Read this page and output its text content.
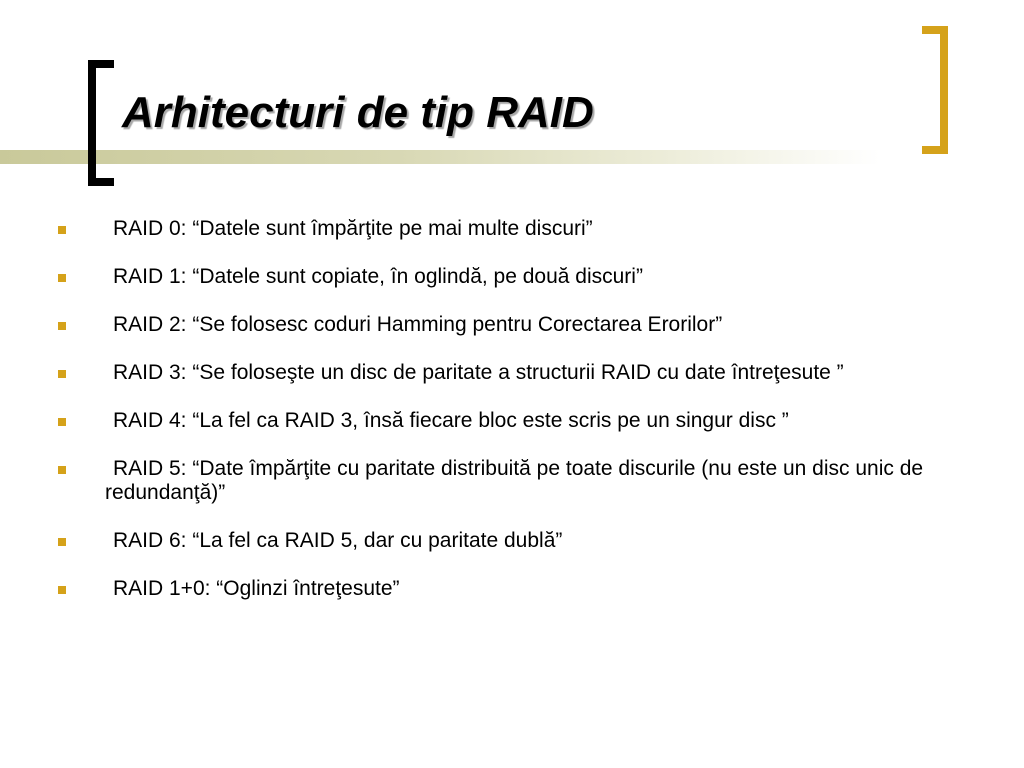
Arhitecturi de tip RAID
RAID 0: “Datele sunt împărţite pe mai multe discuri”
RAID 1: “Datele sunt copiate, în oglindă, pe două discuri”
RAID 2: “Se folosesc coduri Hamming pentru Corectarea Erorilor”
RAID 3: “Se foloseşte un disc de paritate a structurii RAID cu date întreţesute ”
RAID 4: “La fel ca RAID 3, însă fiecare bloc este scris pe un singur disc ”
RAID 5: “Date împărţite cu paritate distribuită pe toate discurile (nu este un disc unic de redundanţă)”
RAID 6: “La fel ca RAID 5, dar cu paritate dublă”
RAID 1+0: “Oglinzi întreţesute”
